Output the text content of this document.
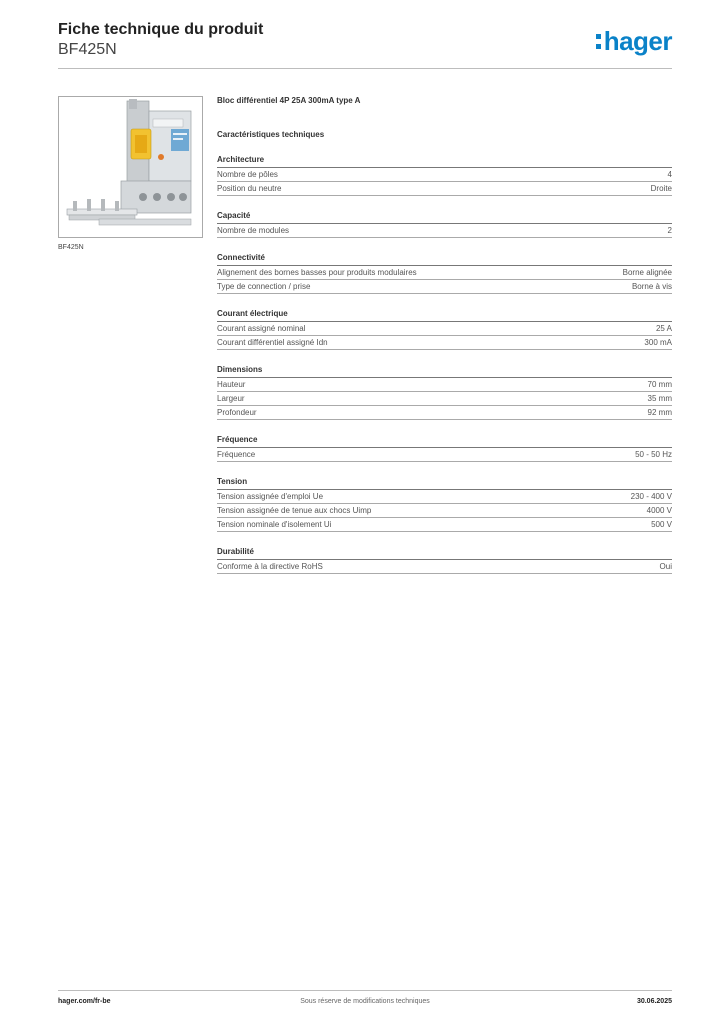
Fiche technique du produit
BF425N	hager
BF425N
Bloc différentiel 4P 25A 300mA type A
Caractéristiques techniques
Architecture
Nombre de pôles	4
Position du neutre	Droite
Capacité
Nombre de modules	2
Connectivité
Alignement des bornes basses pour produits modulaires	Borne alignée
Type de connection / prise	Borne à vis
Courant électrique
Courant assigné nominal	25 A
Courant différentiel assigné Idn	300 mA
Dimensions
Hauteur	70 mm
Largeur	35 mm
Profondeur	92 mm
Fréquence
Fréquence	50 - 50 Hz
Tension
Tension assignée d'emploi Ue	230 - 400 V
Tension assignée de tenue aux chocs Uimp	4000 V
Tension nominale d'isolement Ui	500 V
Durabilité
Conforme à la directive RoHS	Oui
hager.com/fr-be	Sous réserve de modifications techniques	30.06.2025
